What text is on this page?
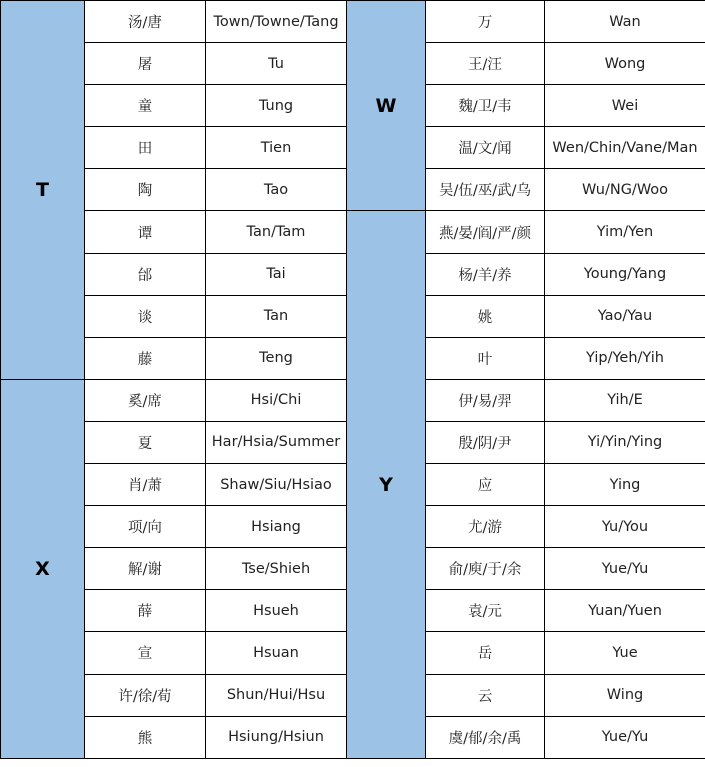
T	汤/唐	Town/Towne/Tang
	屠	Tu
	童	Tung
	田	Tien
	陶	Tao
	谭	Tan/Tam
	邰	Tai
	谈	Tan
	藤	Teng
X	奚/席	Hsi/Chi
	夏	Har/Hsia/Summer
	肖/萧	Shaw/Siu/Hsiao
	项/向	Hsiang
	解/谢	Tse/Shieh
	薛	Hsueh
	宣	Hsuan
	许/徐/荀	Shun/Hui/Hsu
	熊	Hsiung/Hsiun
W	万	Wan
	王/汪	Wong
	魏/卫/韦	Wei
	温/文/闻	Wen/Chin/Vane/Man
	吴/伍/巫/武/乌	Wu/NG/Woo
Y	燕/晏/阎/严/颜	Yim/Yen
	杨/羊/养	Young/Yang
	姚	Yao/Yau
	叶	Yip/Yeh/Yih
	伊/易/羿	Yih/E
	殷/阴/尹	Yi/Yin/Ying
	应	Ying
	尤/游	Yu/You
	俞/庾/于/余	Yue/Yu
	袁/元	Yuan/Yuen
	岳	Yue
	云	Wing
	虞/郁/余/禹	Yue/Yu
